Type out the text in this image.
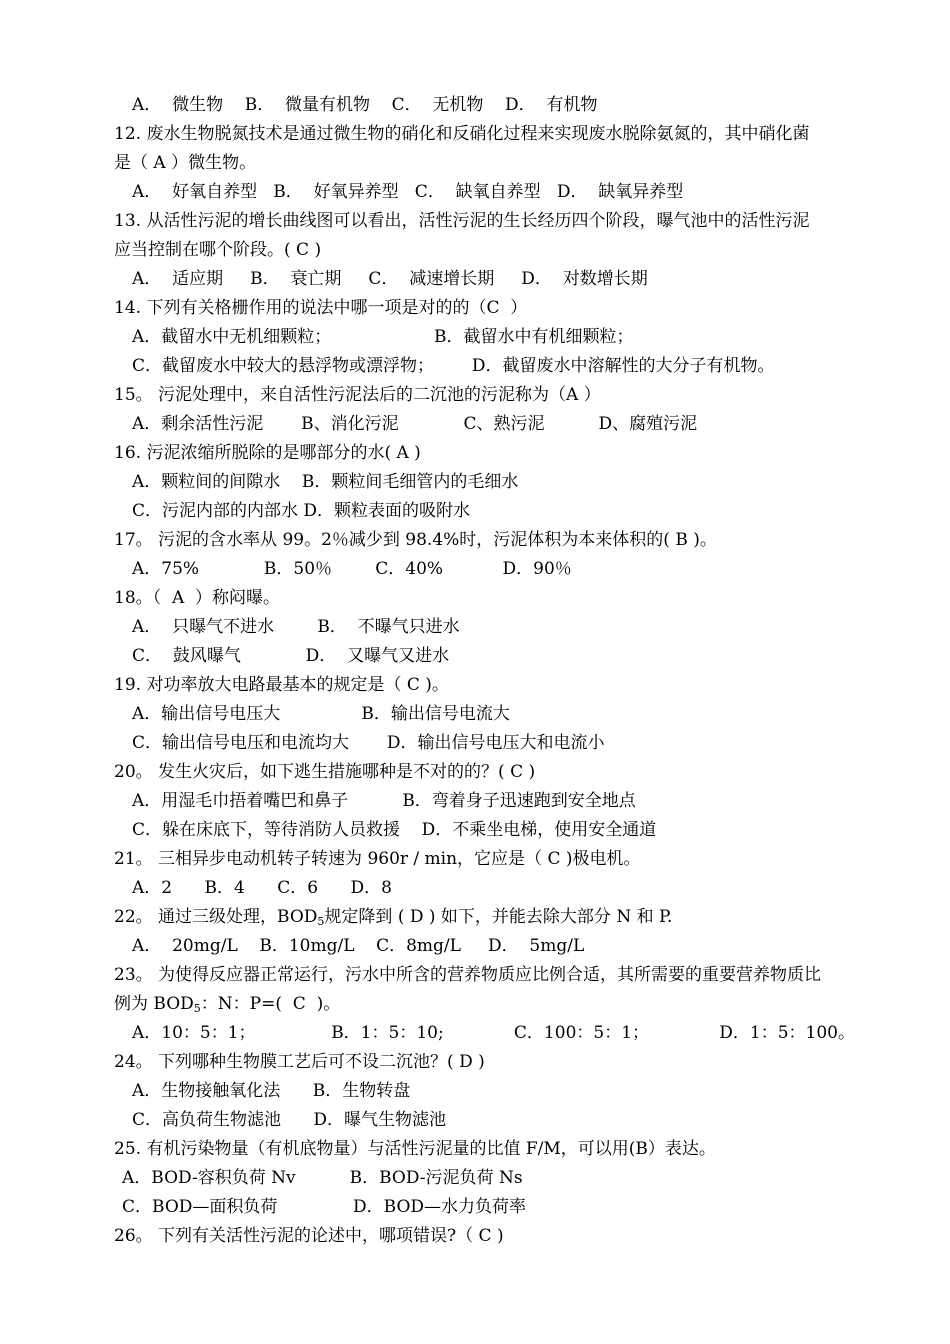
A．  微生物    B．  微量有机物    C．  无机物    D．  有机物
12. 废水生物脱氮技术是通过微生物的硝化和反硝化过程来实现废水脱除氨氮的，其中硝化菌
是（ A ）微生物。
A．  好氧自养型   B．  好氧异养型   C．  缺氧自养型   D．  缺氧异养型
13. 从活性污泥的增长曲线图可以看出，活性污泥的生长经历四个阶段，曝气池中的活性污泥
应当控制在哪个阶段。( C )
A．  适应期     B．  衰亡期     C．  减速增长期     D．  对数增长期
14. 下列有关格栅作用的说法中哪一项是对的的（C  ）
A．截留水中无机细颗粒；                   B．截留水中有机细颗粒；
C．截留废水中较大的悬浮物或漂浮物；       D．截留废水中溶解性的大分子有机物。
15。 污泥处理中，来自活性污泥法后的二沉池的污泥称为（A ）
A．剩余活性污泥       B、消化污泥            C、熟污泥          D、腐殖污泥
16. 污泥浓缩所脱除的是哪部分的水( A )
A．颗粒间的间隙水    B．颗粒间毛细管内的毛细水
C．污泥内部的内部水 D．颗粒表面的吸附水
17。 污泥的含水率从 99。2％减少到 98.4%时，污泥体积为本来体积的( B )。
A．75%            B．50％        C．40%           D．90％
18。（  A  ）称闷曝。
A．  只曝气不进水        B．  不曝气只进水
C．  鼓风曝气            D．  又曝气又进水
19. 对功率放大电路最基本的规定是（ C )。
A．输出信号电压大               B．输出信号电流大
C．输出信号电压和电流均大       D．输出信号电压大和电流小
20。 发生火灾后，如下逃生措施哪种是不对的的？( C )
A．用湿毛巾捂着嘴巴和鼻子          B．弯着身子迅速跑到安全地点
C．躲在床底下，等待消防人员救援    D．不乘坐电梯，使用安全通道
21。 三相异步电动机转子转速为 960r / min，它应是（ C )极电机。
A．2      B．4      C．6      D．8
22。 通过三级处理，$BOD_5$规定降到 ( D ) 如下，并能去除大部分 N 和 P.
A．  20mg/L    B．10mg/L    C．8mg/L     D．  5mg/L
23。 为使得反应器正常运行，污水中所含的营养物质应比例合适，其所需要的重要营养物质比
例为 $BOD_5$：N：P=(  C  )。
A．10：5：1；              B．1：5：10;             C．100：5：1；             D．1：5：100。
24。 下列哪种生物膜工艺后可不设二沉池？( D )
A．生物接触氧化法      B．生物转盘
C．高负荷生物滤池      D．曝气生物滤池
25. 有机污染物量（有机底物量）与活性污泥量的比值 F/M，可以用(B）表达。
A．BOD-容积负荷 Nv          B．BOD-污泥负荷 Ns
C．BOD—面积负荷              D．BOD—水力负荷率
26。 下列有关活性污泥的论述中，哪项错误?（ C )
